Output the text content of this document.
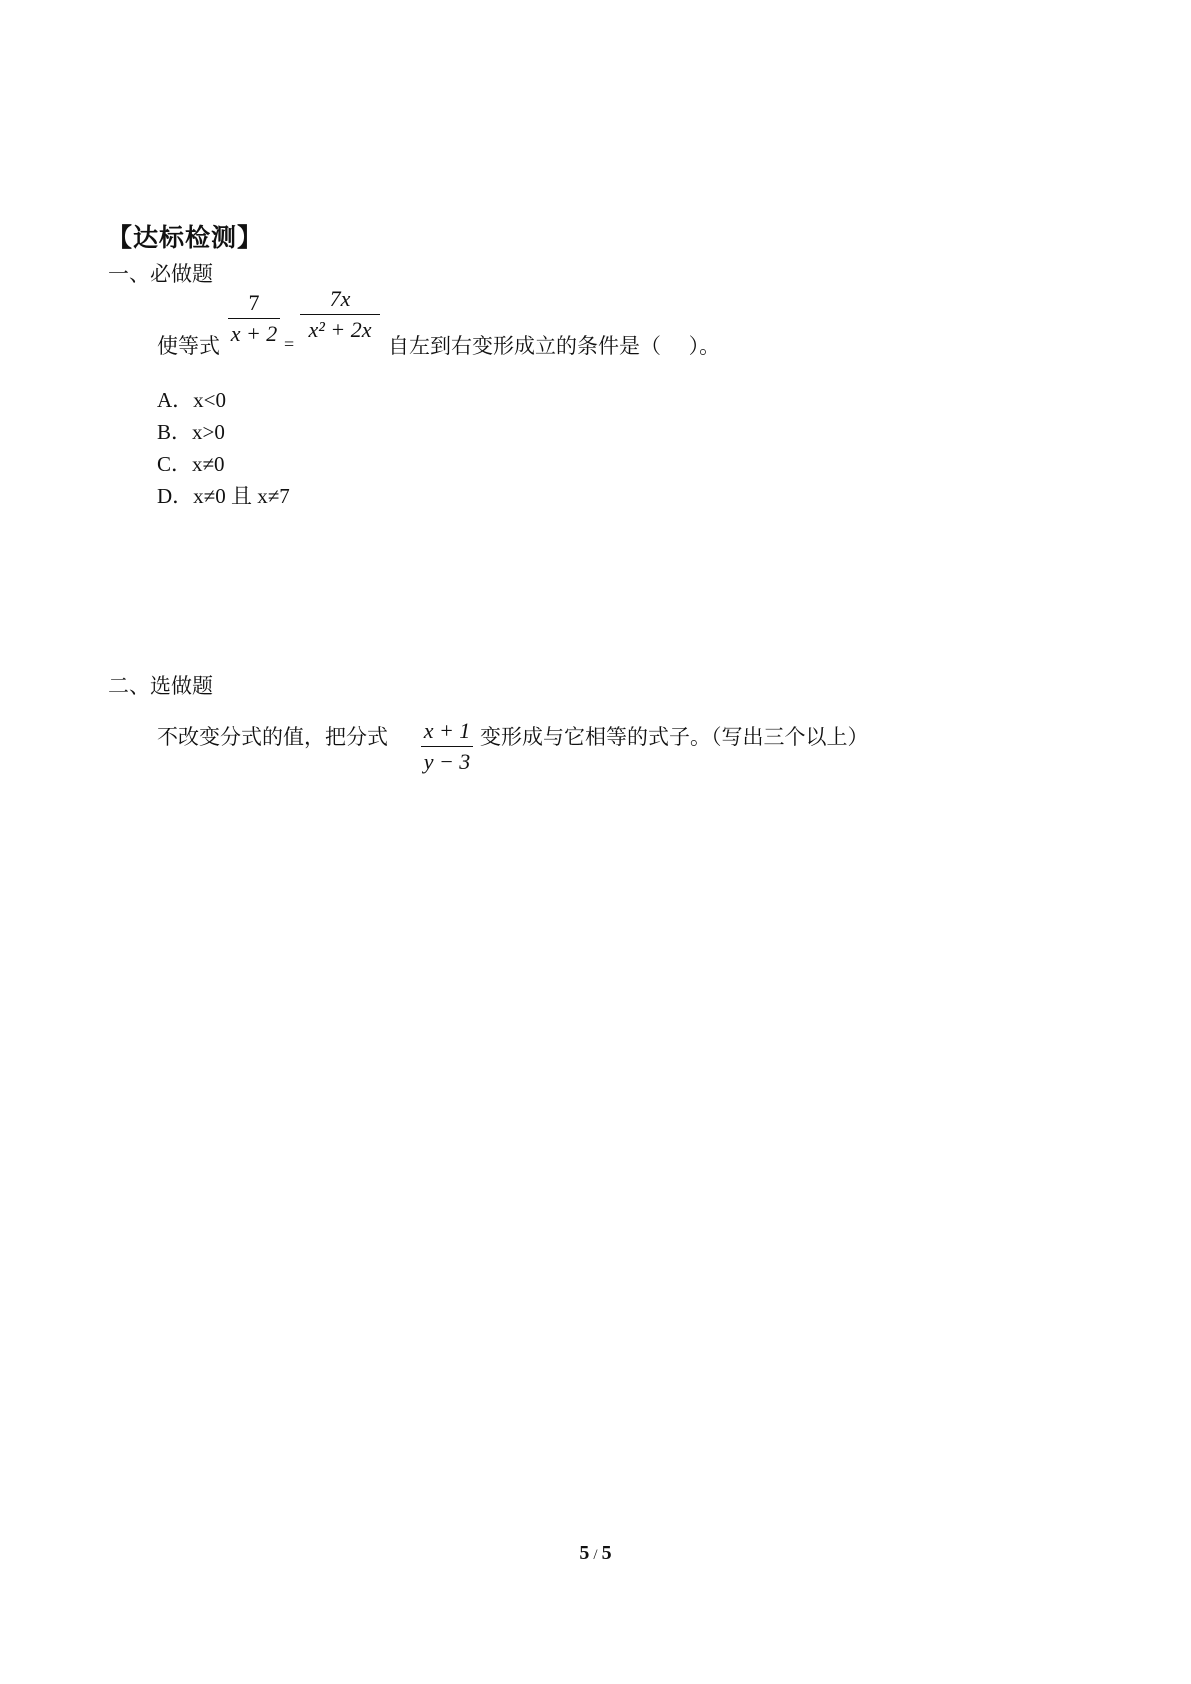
【达标检测】
一、必做题
使等式
7
x + 2 =
7x
x² + 2x
自左到右变形成立的条件是（　 ）。
A．x<0
B．x>0
C．x≠0
D．x≠0 且 x≠7
二、选做题
不改变分式的值，把分式 x + 1
y − 3
变形成与它相等的式子。（写出三个以上）
5 / 5
